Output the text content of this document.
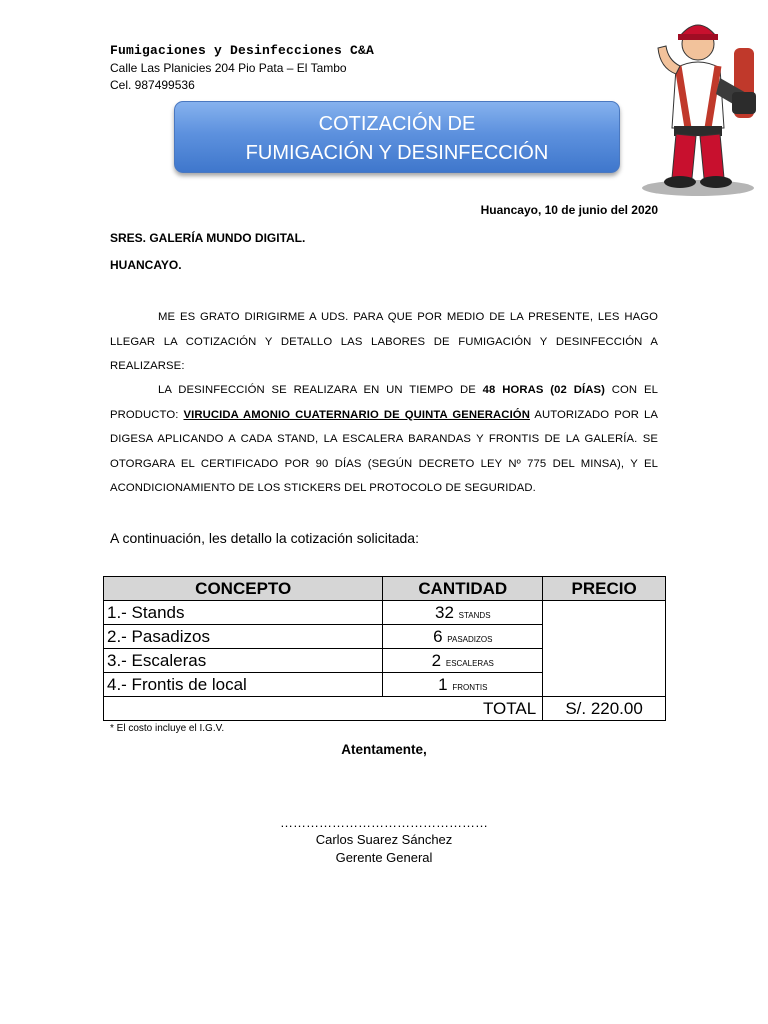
Fumigaciones y Desinfecciones C&A
Calle Las Planicies 204 Pio Pata – El Tambo
Cel. 987499536
COTIZACIÓN DE
FUMIGACIÓN Y DESINFECCIÓN
Huancayo, 10 de junio del 2020
SRES. GALERÍA MUNDO DIGITAL.
HUANCAYO.
ME ES GRATO DIRIGIRME A UDS. PARA QUE POR MEDIO DE LA PRESENTE, LES HAGO LLEGAR LA COTIZACIÓN Y DETALLO LAS LABORES DE FUMIGACIÓN Y DESINFECCIÓN A REALIZARSE:
LA DESINFECCIÓN SE REALIZARA EN UN TIEMPO DE 48 HORAS (02 DÍAS) CON EL PRODUCTO: VIRUCIDA AMONIO CUATERNARIO DE QUINTA GENERACIÓN AUTORIZADO POR LA DIGESA APLICANDO A CADA STAND, LA ESCALERA BARANDAS Y FRONTIS DE LA GALERÍA. SE OTORGARA EL CERTIFICADO POR 90 DÍAS (SEGÚN DECRETO LEY Nº 775 DEL MINSA), Y EL ACONDICIONAMIENTO DE LOS STICKERS DEL PROTOCOLO DE SEGURIDAD.
A continuación, les detallo la cotización solicitada:
CONCEPTO	CANTIDAD	PRECIO
1.- Stands	32 stands	
2.- Pasadizos	6 pasadizos	
3.- Escaleras	2 escaleras	
4.- Frontis de local	1 frontis	
	TOTAL	S/. 220.00
* El costo incluye el I.G.V.
Atentamente,
…………………………………………
Carlos Suarez Sánchez
Gerente General
